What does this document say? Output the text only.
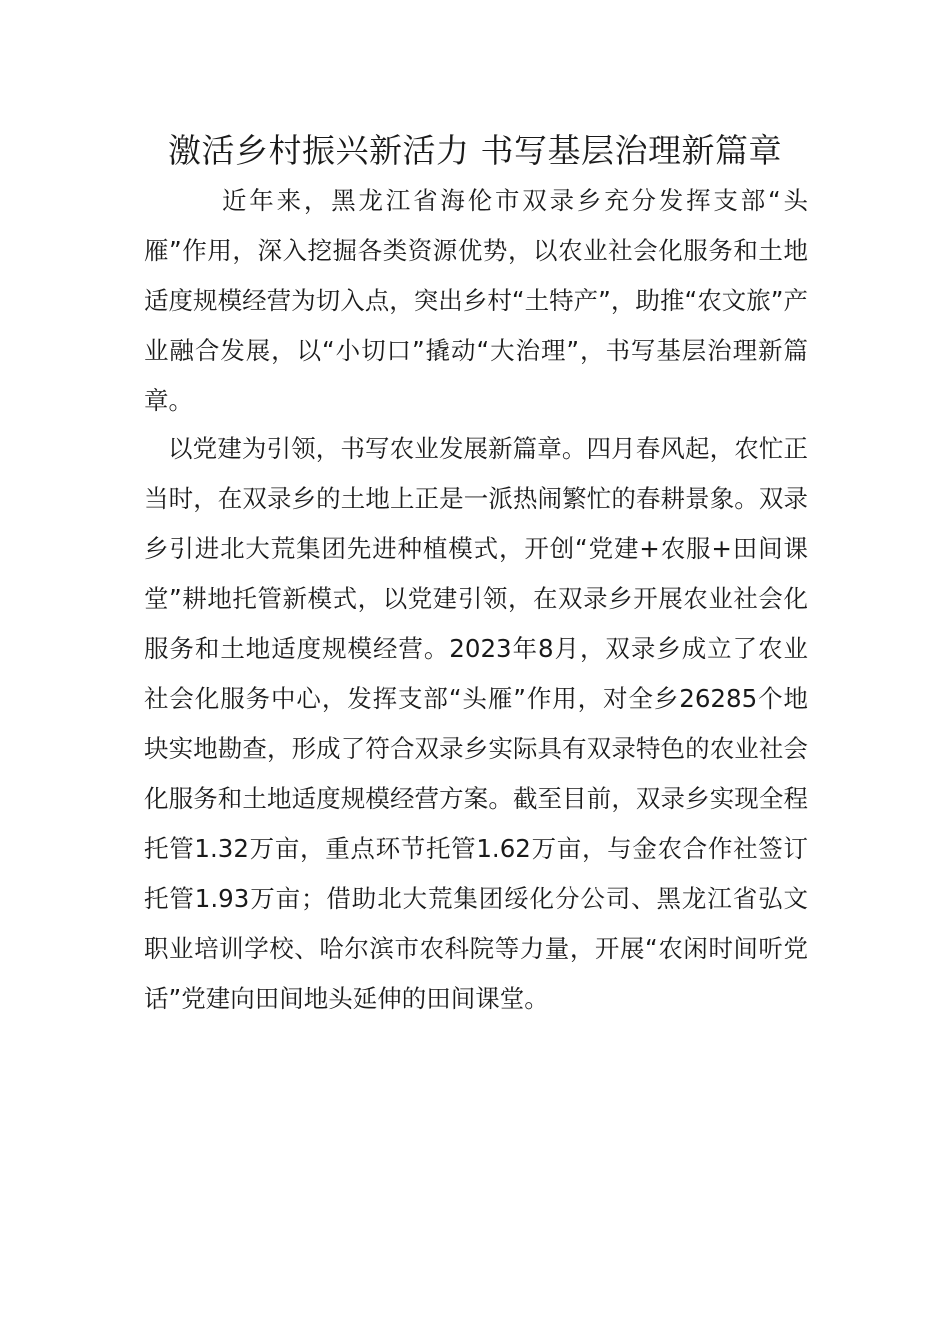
激活乡村振兴新活力 书写基层治理新篇章

近年来，黑龙江省海伦市双录乡充分发挥支部“头雁”作用，深入挖掘各类资源优势，以农业社会化服务和土地适度规模经营为切入点，突出乡村“土特产”，助推“农文旅”产业融合发展，以“小切口”撬动“大治理”，书写基层治理新篇章。

以党建为引领，书写农业发展新篇章。四月春风起，农忙正当时，在双录乡的土地上正是一派热闹繁忙的春耕景象。双录乡引进北大荒集团先进种植模式，开创“党建+农服+田间课堂”耕地托管新模式，以党建引领，在双录乡开展农业社会化服务和土地适度规模经营。2023年8月，双录乡成立了农业社会化服务中心，发挥支部“头雁”作用，对全乡26285个地块实地勘查，形成了符合双录乡实际具有双录特色的农业社会化服务和土地适度规模经营方案。截至目前，双录乡实现全程托管1.32万亩，重点环节托管1.62万亩，与金农合作社签订托管1.93万亩；借助北大荒集团绥化分公司、黑龙江省弘文职业培训学校、哈尔滨市农科院等力量，开展“农闲时间听党话”党建向田间地头延伸的田间课堂。
